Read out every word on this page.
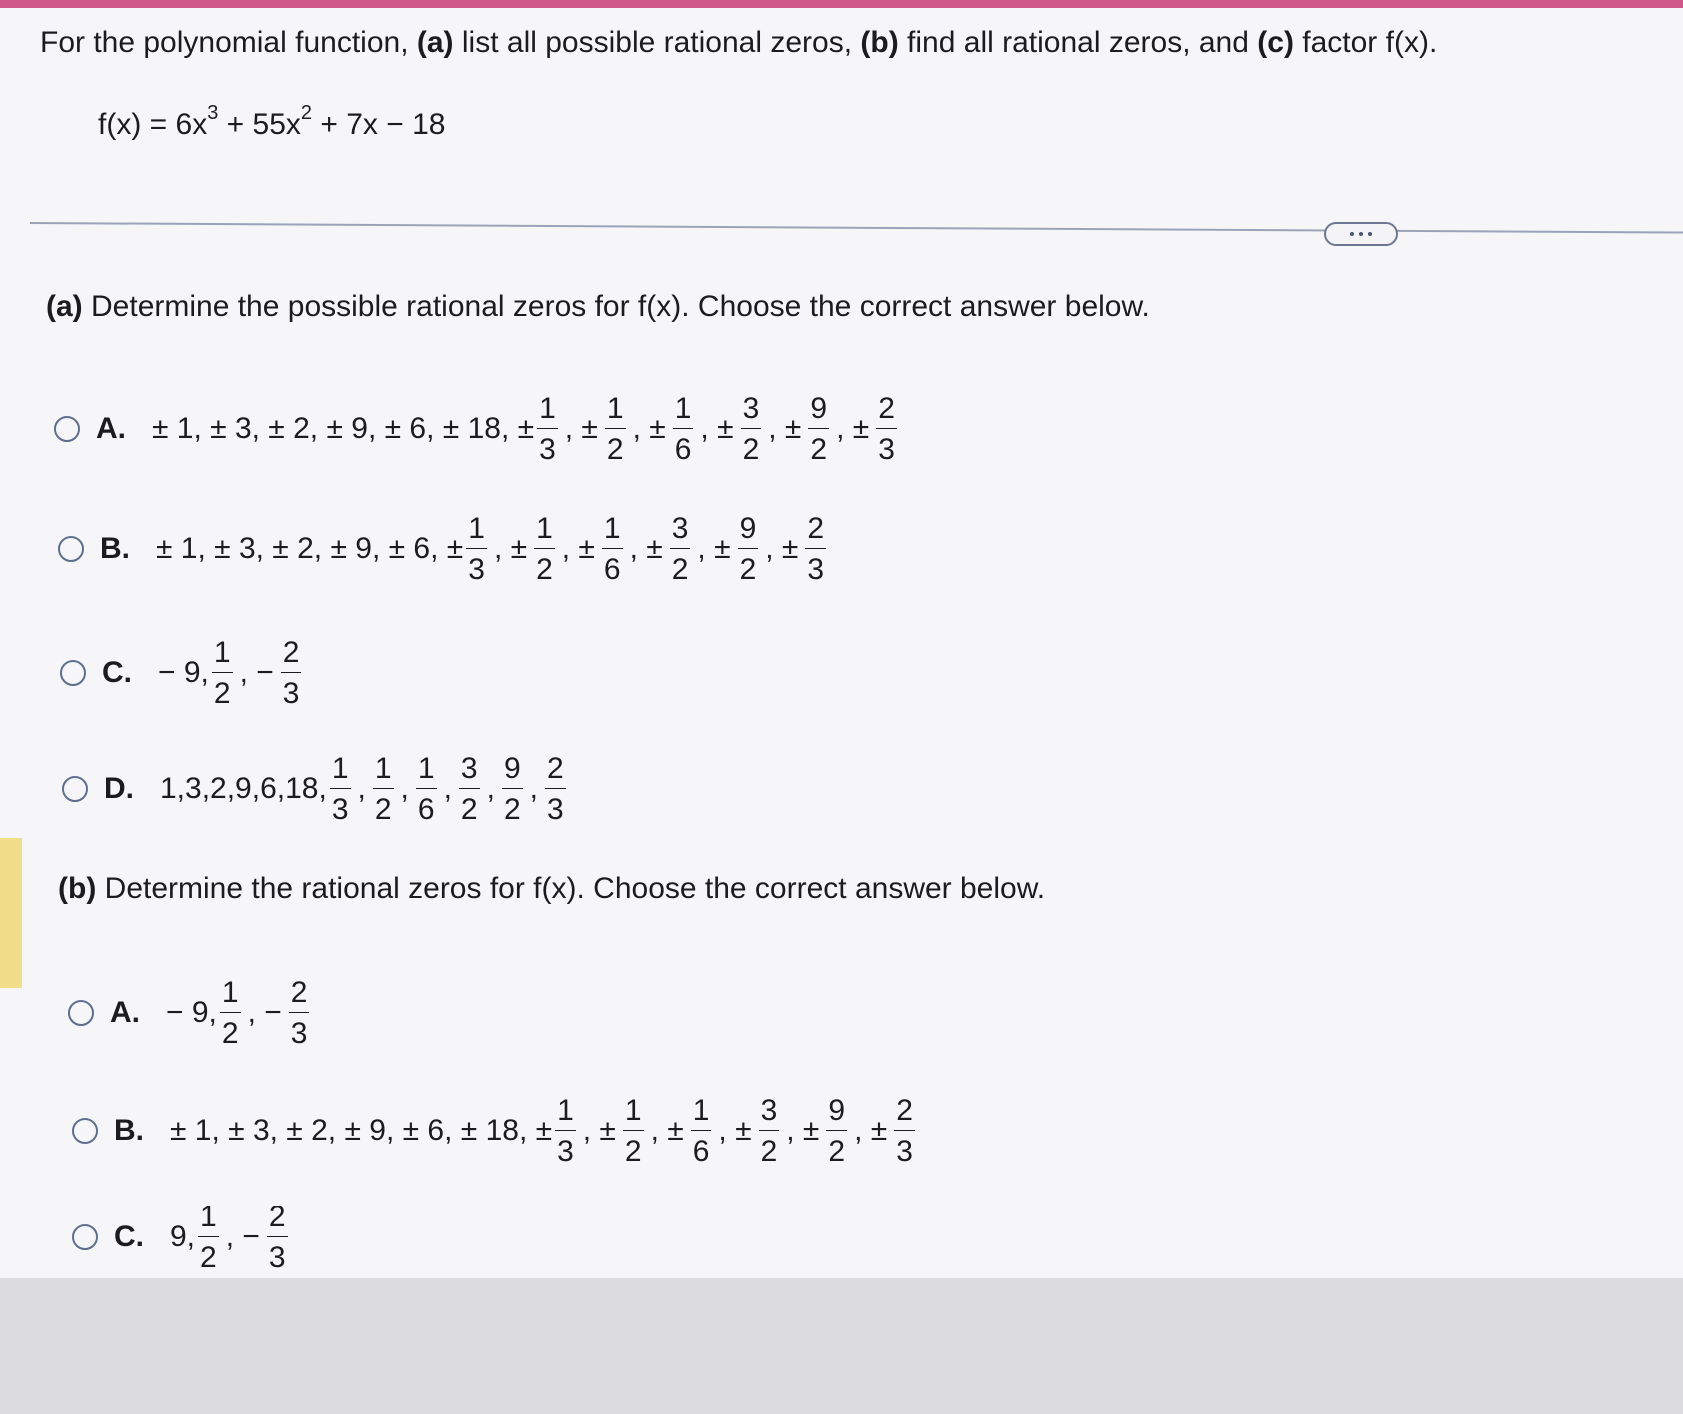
For the polynomial function, (a) list all possible rational zeros, (b) find all rational zeros, and (c) factor f(x).
$f(x) = 6x^3 + 55x^2 + 7x - 18$
(a) Determine the possible rational zeros for f(x). Choose the correct answer below.
A. ± 1, ± 3, ± 2, ± 9, ± 6, ± 18, ± $\frac{1}{3}$ , ± $\frac{1}{2}$ , ± $\frac{1}{6}$ , ± $\frac{3}{2}$ , ± $\frac{9}{2}$ , ± $\frac{2}{3}$
B. ± 1, ± 3, ± 2, ± 9, ± 6, ± $\frac{1}{3}$ , ± $\frac{1}{2}$ , ± $\frac{1}{6}$ , ± $\frac{3}{2}$ , ± $\frac{9}{2}$ , ± $\frac{2}{3}$
C. − 9, $\frac{1}{2}$ , − $\frac{2}{3}$
D. 1,3,2,9,6,18, $\frac{1}{3}$ , $\frac{1}{2}$ , $\frac{1}{6}$ , $\frac{3}{2}$ , $\frac{9}{2}$ , $\frac{2}{3}$
(b) Determine the rational zeros for f(x). Choose the correct answer below.
A. − 9, $\frac{1}{2}$ , − $\frac{2}{3}$
B. ± 1, ± 3, ± 2, ± 9, ± 6, ± 18, ± $\frac{1}{3}$ , ± $\frac{1}{2}$ , ± $\frac{1}{6}$ , ± $\frac{3}{2}$ , ± $\frac{9}{2}$ , ± $\frac{2}{3}$
C. 9, $\frac{1}{2}$ , − $\frac{2}{3}$
